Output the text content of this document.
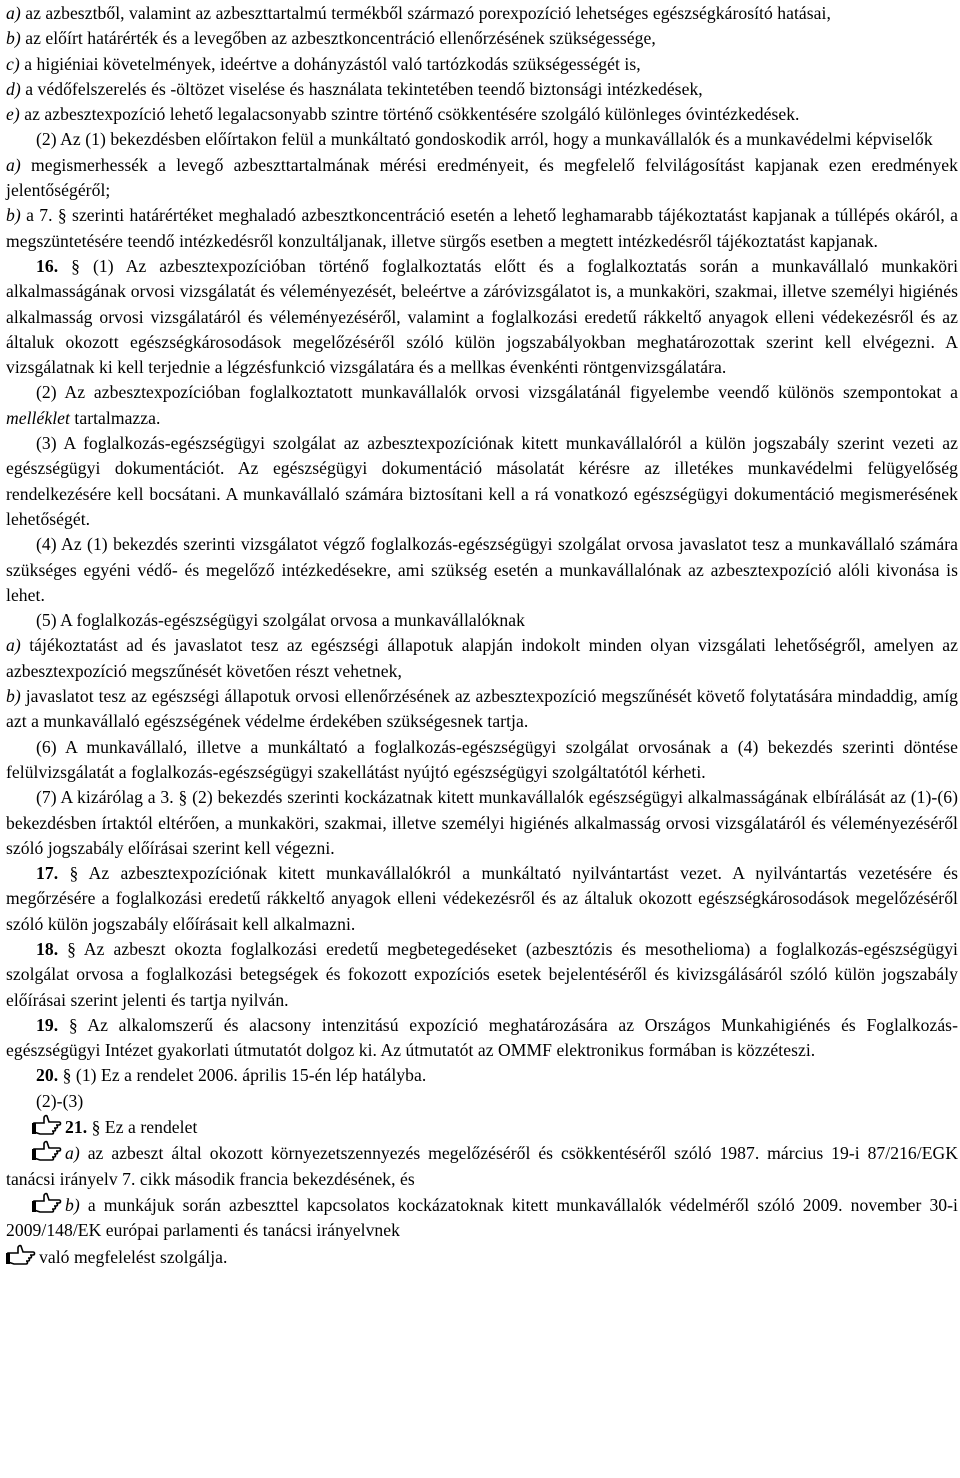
a) az azbesztből, valamint az azbeszttartalmú termékből származó porexpozíció lehetséges egészségkárosító hatásai,

b) az előírt határérték és a levegőben az azbesztkoncentráció ellenőrzésének szükségessége,

c) a higiéniai követelmények, ideértve a dohányzástól való tartózkodás szükségességét is,

d) a védőfelszerelés és -öltözet viselése és használata tekintetében teendő biztonsági intézkedések,

e) az azbesztexpozíció lehető legalacsonyabb szintre történő csökkentésére szolgáló különleges óvintézkedések.

(2) Az (1) bekezdésben előírtakon felül a munkáltató gondoskodik arról, hogy a munkavállalók és a munkavédelmi képviselők

a) megismerhessék a levegő azbeszttartalmának mérési eredményeit, és megfelelő felvilágosítást kapjanak ezen eredmények jelentőségéről;

b) a 7. § szerinti határértéket meghaladó azbesztkoncentráció esetén a lehető leghamarabb tájékoztatást kapjanak a túllépés okáról, a megszüntetésére teendő intézkedésről konzultáljanak, illetve sürgős esetben a megtett intézkedésről tájékoztatást kapjanak.

16. § (1) Az azbesztexpozícióban történő foglalkoztatás előtt és a foglalkoztatás során a munkavállaló munkaköri alkalmasságának orvosi vizsgálatát és véleményezését, beleértve a záróvizsgálatot is, a munkaköri, szakmai, illetve személyi higiénés alkalmasság orvosi vizsgálatáról és véleményezéséről, valamint a foglalkozási eredetű rákkeltő anyagok elleni védekezésről és az általuk okozott egészségkárosodások megelőzéséről szóló külön jogszabályokban meghatározottak szerint kell elvégezni. A vizsgálatnak ki kell terjednie a légzésfunkció vizsgálatára és a mellkas évenkénti röntgenvizsgálatára.

(2) Az azbesztexpozícióban foglalkoztatott munkavállalók orvosi vizsgálatánál figyelembe veendő különös szempontokat a melléklet tartalmazza.

(3) A foglalkozás-egészségügyi szolgálat az azbesztexpozíciónak kitett munkavállalóról a külön jogszabály szerint vezeti az egészségügyi dokumentációt. Az egészségügyi dokumentáció másolatát kérésre az illetékes munkavédelmi felügyelőség rendelkezésére kell bocsátani. A munkavállaló számára biztosítani kell a rá vonatkozó egészségügyi dokumentáció megismerésének lehetőségét.

(4) Az (1) bekezdés szerinti vizsgálatot végző foglalkozás-egészségügyi szolgálat orvosa javaslatot tesz a munkavállaló számára szükséges egyéni védő- és megelőző intézkedésekre, ami szükség esetén a munkavállalónak az azbesztexpozíció alóli kivonása is lehet.

(5) A foglalkozás-egészségügyi szolgálat orvosa a munkavállalóknak

a) tájékoztatást ad és javaslatot tesz az egészségi állapotuk alapján indokolt minden olyan vizsgálati lehetőségről, amelyen az azbesztexpozíció megszűnését követően részt vehetnek,

b) javaslatot tesz az egészségi állapotuk orvosi ellenőrzésének az azbesztexpozíció megszűnését követő folytatására mindaddig, amíg azt a munkavállaló egészségének védelme érdekében szükségesnek tartja.

(6) A munkavállaló, illetve a munkáltató a foglalkozás-egészségügyi szolgálat orvosának a (4) bekezdés szerinti döntése felülvizsgálatát a foglalkozás-egészségügyi szakellátást nyújtó egészségügyi szolgáltatótól kérheti.

(7) A kizárólag a 3. § (2) bekezdés szerinti kockázatnak kitett munkavállalók egészségügyi alkalmasságának elbírálását az (1)-(6) bekezdésben írtaktól eltérően, a munkaköri, szakmai, illetve személyi higiénés alkalmasság orvosi vizsgálatáról és véleményezéséről szóló jogszabály előírásai szerint kell végezni.

17. § Az azbesztexpozíciónak kitett munkavállalókról a munkáltató nyilvántartást vezet. A nyilvántartás vezetésére és megőrzésére a foglalkozási eredetű rákkeltő anyagok elleni védekezésről és az általuk okozott egészségkárosodások megelőzéséről szóló külön jogszabály előírásait kell alkalmazni.

18. § Az azbeszt okozta foglalkozási eredetű megbetegedéseket (azbesztózis és mesothelioma) a foglalkozás-egészségügyi szolgálat orvosa a foglalkozási betegségek és fokozott expozíciós esetek bejelentéséről és kivizsgálásáról szóló külön jogszabály előírásai szerint jelenti és tartja nyilván.

19. § Az alkalomszerű és alacsony intenzitású expozíció meghatározására az Országos Munkahigiénés és Foglalkozás-egészségügyi Intézet gyakorlati útmutatót dolgoz ki. Az útmutatót az OMMF elektronikus formában is közzéteszi.

20. § (1) Ez a rendelet 2006. április 15-én lép hatályba.

(2)-(3)

21. § Ez a rendelet

a) az azbeszt által okozott környezetszennyezés megelőzéséről és csökkentéséről szóló 1987. március 19-i 87/216/EGK tanácsi irányelv 7. cikk második francia bekezdésének, és

b) a munkájuk során azbeszttel kapcsolatos kockázatoknak kitett munkavállalók védelméről szóló 2009. november 30-i 2009/148/EK európai parlamenti és tanácsi irányelvnek

való megfelelést szolgálja.
